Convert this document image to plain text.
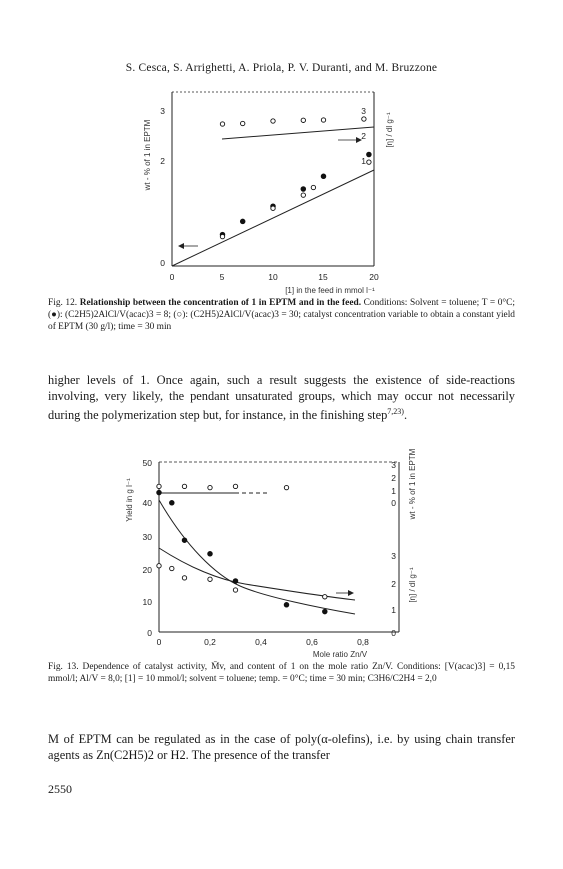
S. Cesca, S. Arrighetti, A. Priola, P. V. Duranti, and M. Bruzzone
0	5	10	15	20
[1] in the feed in mmol l⁻¹
0
2
3
wt - % of 1 in EPTM	1
2
3
[η] / dl g⁻¹
Fig. 12. Relationship between the concentration of 1 in EPTM and in the feed. Conditions: Solvent = toluene; T = 0°C; (●): (C2H5)2AlCl/V(acac)3 = 8; (○): (C2H5)2AlCl/V(acac)3 = 30; catalyst concentration variable to obtain a constant yield of EPTM (30 g/l); time = 30 min
higher levels of 1. Once again, such a result suggests the existence of side-reactions involving, very likely, the pendant unsaturated groups, which may occur not necessarily during the polymerization step but, for instance, in the finishing step$^{7,23)}$.
0	0,2	0,4	0,6	0,8
Mole ratio Zn/V
0
10
20
30
40
50
Yield in g l⁻¹	0
1
2
3 wt - % of 1 in EPTM
1
2
3
[η] / dl g⁻¹
0
Fig. 13. Dependence of catalyst activity, M̄v, and content of 1 on the mole ratio Zn/V. Conditions: [V(acac)3] = 0,15 mmol/l; Al/V = 8,0; [1] = 10 mmol/l; solvent = toluene; temp. = 0°C; time = 30 min; C3H6/C2H4 = 2,0
M of EPTM can be regulated as in the case of poly(α-olefins), i.e. by using chain transfer agents as Zn(C2H5)2 or H2. The presence of the transfer
2550
